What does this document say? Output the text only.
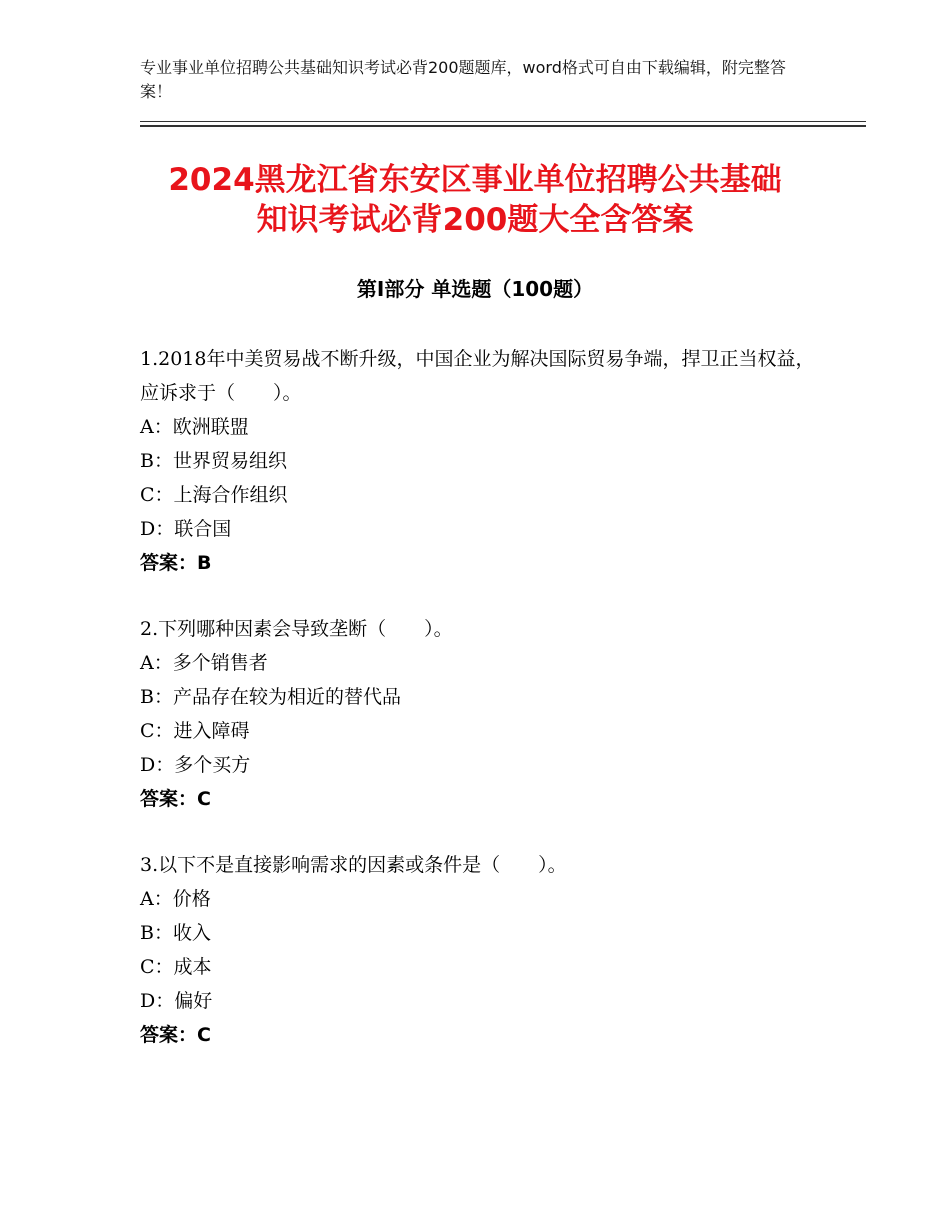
专业事业单位招聘公共基础知识考试必背200题题库，word格式可自由下载编辑，附完整答案！
2024黑龙江省东安区事业单位招聘公共基础
知识考试必背200题大全含答案
第Ⅰ部分 单选题（100题）
1.2018年中美贸易战不断升级，中国企业为解决国际贸易争端，捍卫正当权益，应诉求于（　　）。
A：欧洲联盟
B：世界贸易组织
C：上海合作组织
D：联合国
答案：B
2.下列哪种因素会导致垄断（　　）。
A：多个销售者
B：产品存在较为相近的替代品
C：进入障碍
D：多个买方
答案：C
3.以下不是直接影响需求的因素或条件是（　　）。
A：价格
B：收入
C：成本
D：偏好
答案：C
